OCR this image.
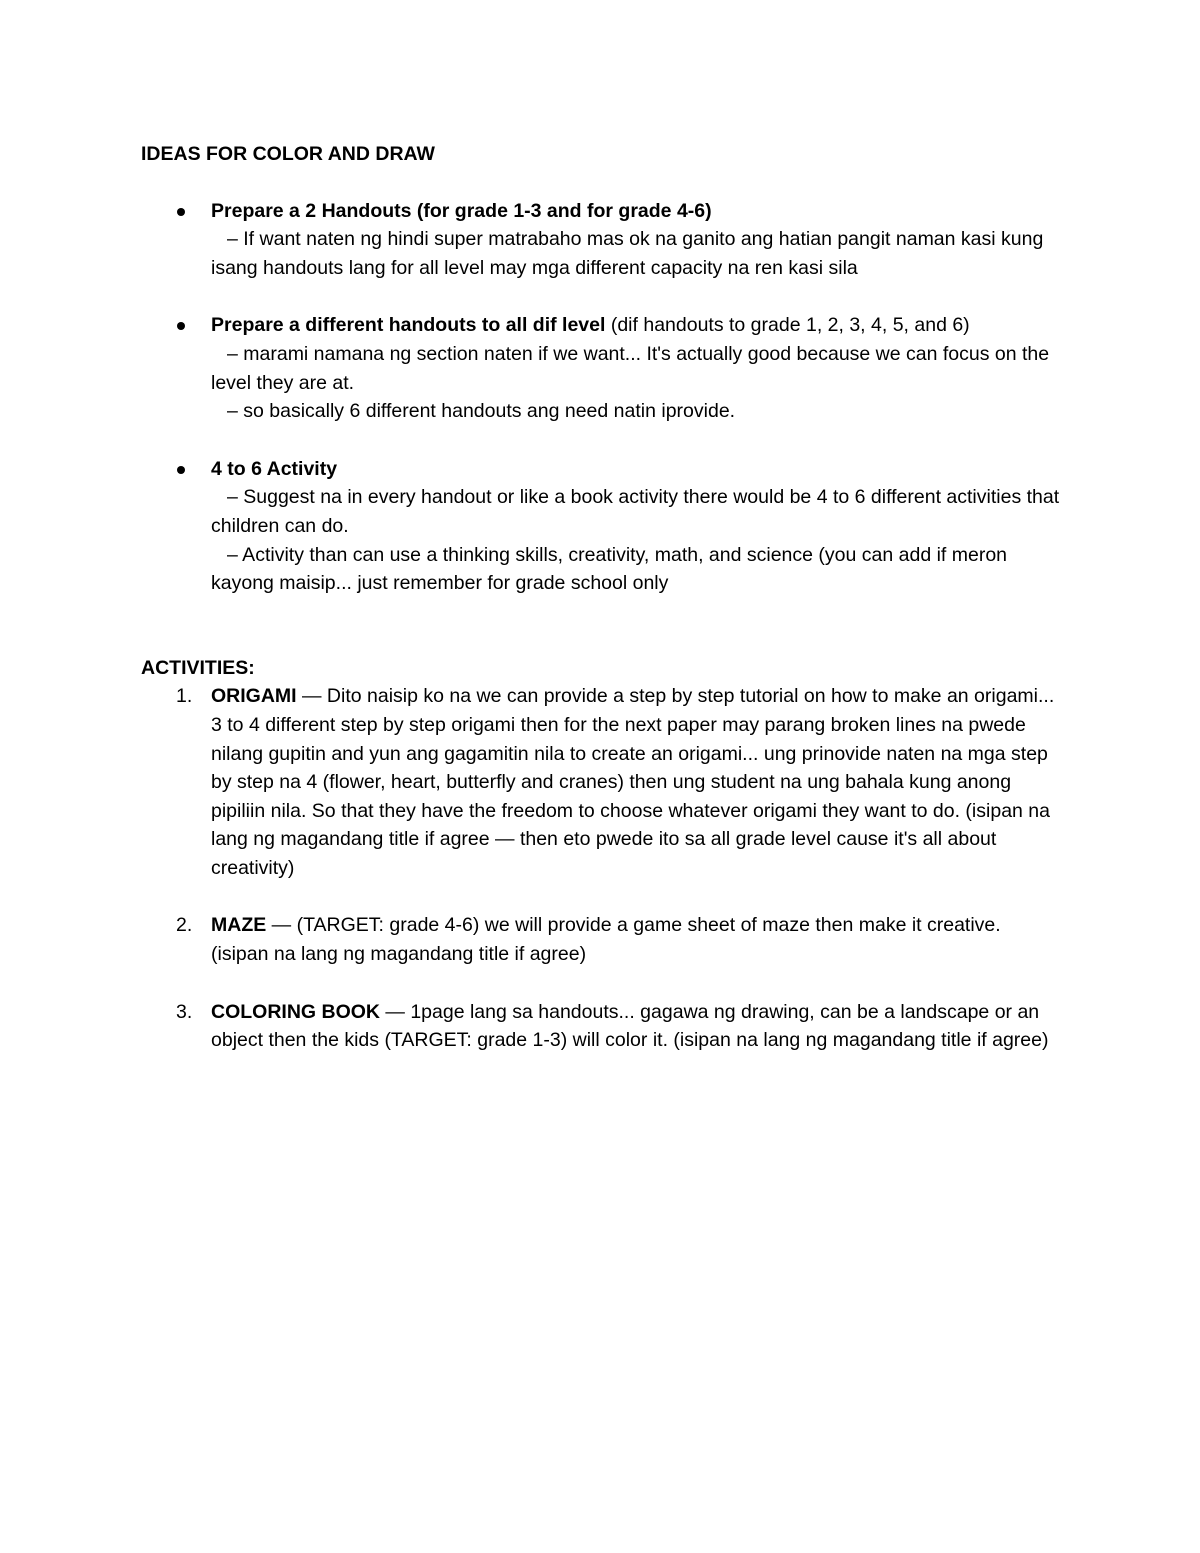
IDEAS FOR COLOR AND DRAW

Prepare a 2 Handouts (for grade 1-3 and for grade 4-6)
– If want naten ng hindi super matrabaho mas ok na ganito ang hatian pangit naman kasi kung isang handouts lang for all level may mga different capacity na ren kasi sila
Prepare a different handouts to all dif level (dif handouts to grade 1, 2, 3, 4, 5, and 6)
– marami namana ng section naten if we want... It's actually good because we can focus on the level they are at.
– so basically 6 different handouts ang need natin iprovide.
4 to 6 Activity
– Suggest na in every handout or like a book activity there would be 4 to 6 different activities that children can do.
– Activity than can use a thinking skills, creativity, math, and science (you can add if meron kayong maisip... just remember for grade school only

ACTIVITIES:

1. ORIGAMI — Dito naisip ko na we can provide a step by step tutorial on how to make an origami... 3 to 4 different step by step origami then for the next paper may parang broken lines na pwede nilang gupitin and yun ang gagamitin nila to create an origami... ung prinovide naten na mga step by step na 4 (flower, heart, butterfly and cranes) then ung student na ung bahala kung anong pipiliin nila. So that they have the freedom to choose whatever origami they want to do. (isipan na lang ng magandang title if agree — then eto pwede ito sa all grade level cause it's all about creativity)
2. MAZE — (TARGET: grade 4-6) we will provide a game sheet of maze then make it creative. (isipan na lang ng magandang title if agree)
3. COLORING BOOK — 1page lang sa handouts... gagawa ng drawing, can be a landscape or an object then the kids (TARGET: grade 1-3) will color it. (isipan na lang ng magandang title if agree)
